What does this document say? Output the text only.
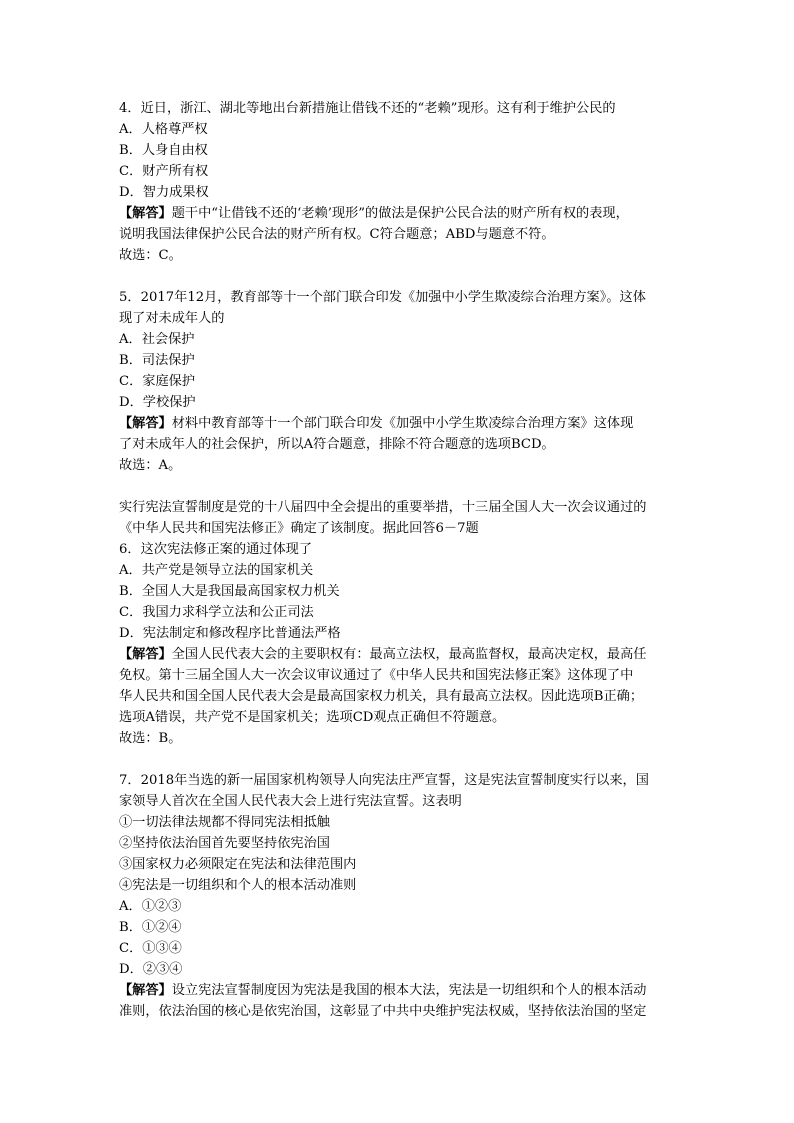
4．近日，浙江、湖北等地出台新措施让借钱不还的“老赖”现形。这有利于维护公民的

A．人格尊严权

B．人身自由权

C．财产所有权

D．智力成果权

【解答】题干中“让借钱不还的‘老赖’现形”的做法是保护公民合法的财产所有权的表现，

说明我国法律保护公民合法的财产所有权。C符合题意；ABD与题意不符。

故选：C。

5．2017年12月，教育部等十一个部门联合印发《加强中小学生欺凌综合治理方案》。这体

现了对未成年人的

A．社会保护

B．司法保护

C．家庭保护

D．学校保护

【解答】材料中教育部等十一个部门联合印发《加强中小学生欺凌综合治理方案》这体现

了对未成年人的社会保护，所以A符合题意，排除不符合题意的选项BCD。

故选：A。

实行宪法宣誓制度是党的十八届四中全会提出的重要举措，十三届全国人大一次会议通过的

《中华人民共和国宪法修正》确定了该制度。据此回答6－7题

6．这次宪法修正案的通过体现了

A．共产党是领导立法的国家机关

B．全国人大是我国最高国家权力机关

C．我国力求科学立法和公正司法

D．宪法制定和修改程序比普通法严格

【解答】全国人民代表大会的主要职权有：最高立法权，最高监督权，最高决定权，最高任

免权。第十三届全国人大一次会议审议通过了《中华人民共和国宪法修正案》这体现了中

华人民共和国全国人民代表大会是最高国家权力机关，具有最高立法权。因此选项B正确；

选项A错误，共产党不是国家机关；选项CD观点正确但不符题意。

故选：B。

7．2018年当选的新一届国家机构领导人向宪法庄严宣誓，这是宪法宣誓制度实行以来，国

家领导人首次在全国人民代表大会上进行宪法宣誓。这表明

①一切法律法规都不得同宪法相抵触

②坚持依法治国首先要坚持依宪治国

③国家权力必须限定在宪法和法律范围内

④宪法是一切组织和个人的根本活动准则

A．①②③

B．①②④

C．①③④

D．②③④

【解答】设立宪法宣誓制度因为宪法是我国的根本大法，宪法是一切组织和个人的根本活动

准则，依法治国的核心是依宪治国，这彰显了中共中央维护宪法权威，坚持依法治国的坚定
